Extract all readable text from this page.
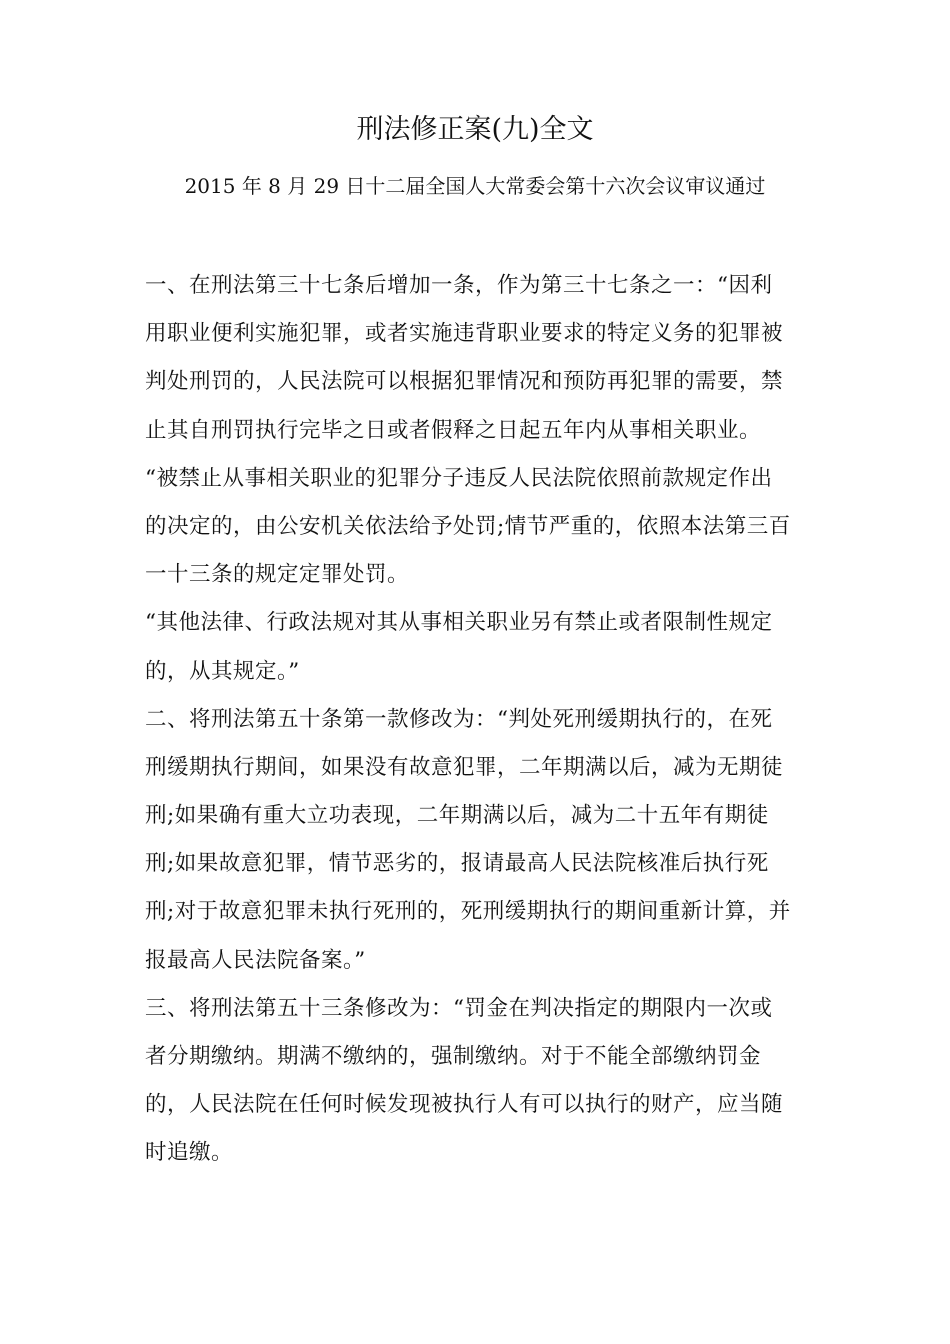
刑法修正案(九)全文
2015 年 8 月 29 日十二届全国人大常委会第十六次会议审议通过
一、在刑法第三十七条后增加一条，作为第三十七条之一：“因利
用职业便利实施犯罪，或者实施违背职业要求的特定义务的犯罪被
判处刑罚的，人民法院可以根据犯罪情况和预防再犯罪的需要，禁
止其自刑罚执行完毕之日或者假释之日起五年内从事相关职业。
“被禁止从事相关职业的犯罪分子违反人民法院依照前款规定作出
的决定的，由公安机关依法给予处罚;情节严重的，依照本法第三百
一十三条的规定定罪处罚。
“其他法律、行政法规对其从事相关职业另有禁止或者限制性规定
的，从其规定。”
二、将刑法第五十条第一款修改为：“判处死刑缓期执行的，在死
刑缓期执行期间，如果没有故意犯罪，二年期满以后，减为无期徒
刑;如果确有重大立功表现，二年期满以后，减为二十五年有期徒
刑;如果故意犯罪，情节恶劣的，报请最高人民法院核准后执行死
刑;对于故意犯罪未执行死刑的，死刑缓期执行的期间重新计算，并
报最高人民法院备案。”
三、将刑法第五十三条修改为：“罚金在判决指定的期限内一次或
者分期缴纳。期满不缴纳的，强制缴纳。对于不能全部缴纳罚金
的，人民法院在任何时候发现被执行人有可以执行的财产，应当随
时追缴。
